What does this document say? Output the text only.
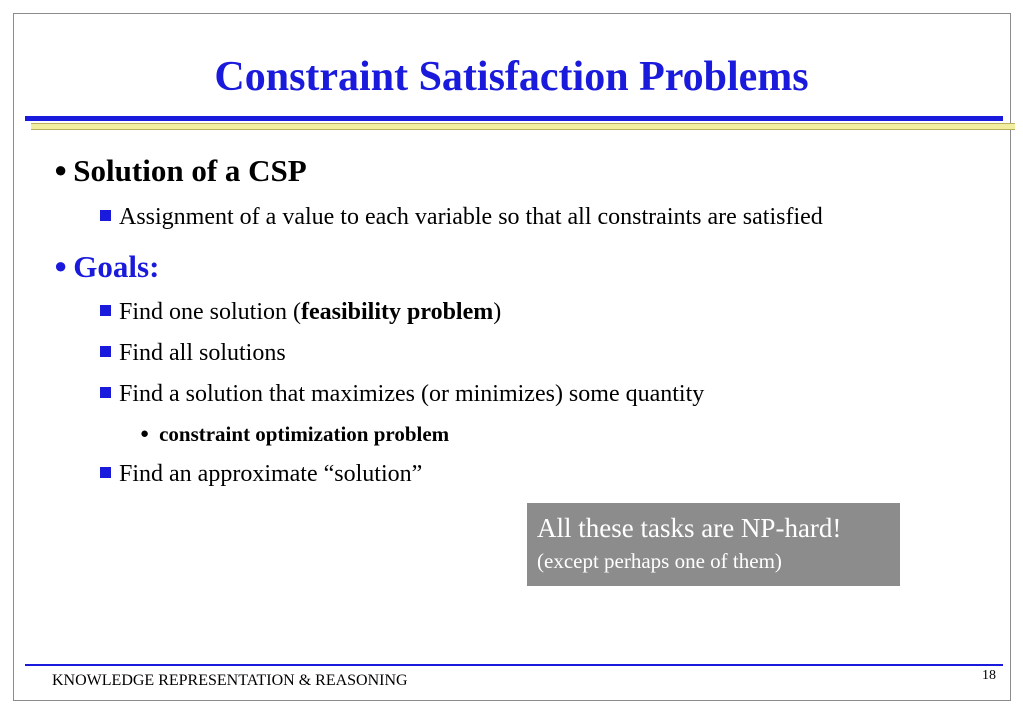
Constraint Satisfaction Problems
● Solution of a CSP
Assignment of a value to each variable so that all constraints are satisfied
● Goals:
Find one solution (feasibility problem)
Find all solutions
Find a solution that maximizes (or minimizes) some quantity
● constraint optimization problem
Find an approximate “solution”
All these tasks are NP-hard!
(except perhaps one of them)
KNOWLEDGE REPRESENTATION & REASONING	18
